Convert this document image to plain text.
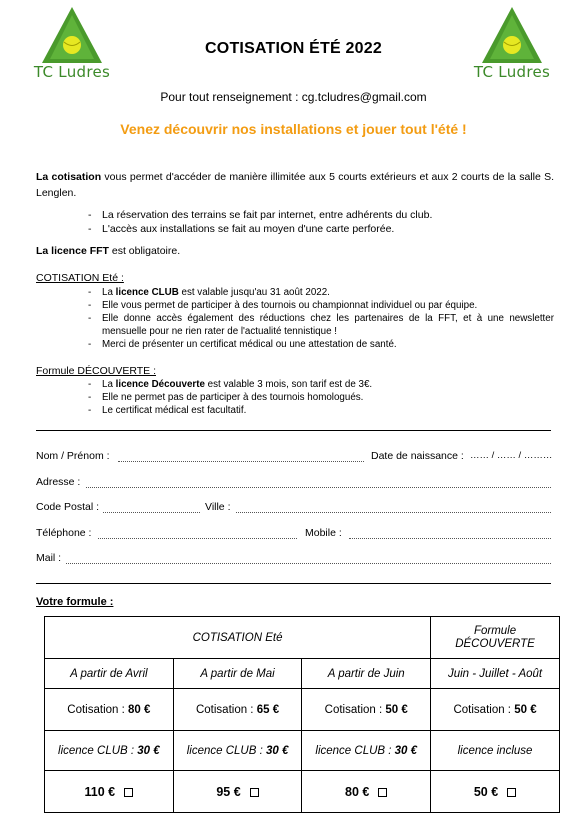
TC Ludres	TC Ludres
COTISATION ÉTÉ 2022
Pour tout renseignement : cg.tcludres@gmail.com
Venez découvrir nos installations et jouer tout l'été !
La cotisation vous permet d'accéder de manière illimitée aux 5 courts extérieurs et aux 2 courts de la salle S. Lenglen.
- La réservation des terrains se fait par internet, entre adhérents du club.
- L'accès aux installations se fait au moyen d'une carte perforée.
La licence FFT est obligatoire.
COTISATION Eté :
- La licence CLUB est valable jusqu'au 31 août 2022.
- Elle vous permet de participer à des tournois ou championnat individuel ou par équipe.
- Elle donne accès également des réductions chez les partenaires de la FFT, et à une newsletter mensuelle pour ne rien rater de l'actualité tennistique !
- Merci de présenter un certificat médical ou une attestation de santé.
Formule DÉCOUVERTE :
- La licence Découverte est valable 3 mois, son tarif est de 3€.
- Elle ne permet pas de participer à des tournois homologués.
- Le certificat médical est facultatif.
Nom / Prénom :	Date de naissance : …… / …… / ………
Adresse :
Code Postal :	Ville :
Téléphone :	Mobile :
Mail :
Votre formule :
COTISATION Eté			Formule DÉCOUVERTE
A partir de Avril	A partir de Mai	A partir de Juin	Juin - Juillet - Août
Cotisation : 80 €	Cotisation : 65 €	Cotisation : 50 €	Cotisation : 50 €
licence CLUB : 30 €	licence CLUB : 30 €	licence CLUB : 30 €	licence incluse
110 €	95 €	80 €	50 €
